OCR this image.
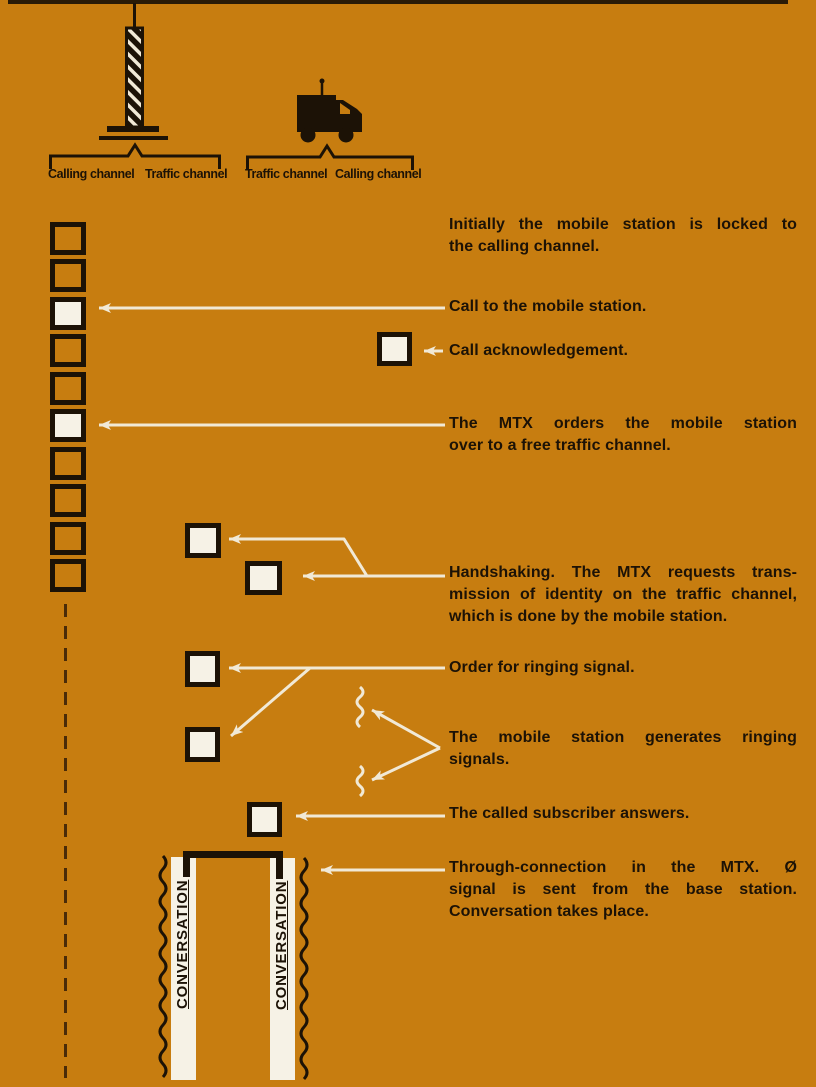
CONVERSATION	CONVERSATION
Calling channel Traffic channel Traffic channel Calling channel
Initially the mobile station is locked to
the calling channel.
Call to the mobile station.
Call acknowledgement.
The MTX orders the mobile station
over to a free traffic channel.
Handshaking. The MTX requests trans-
mission of identity on the traffic channel,
which is done by the mobile station.
Order for ringing signal.
The mobile station generates ringing
signals.
The called subscriber answers.
Through-connection in the MTX. Ø
signal is sent from the base station.
Conversation takes place.
